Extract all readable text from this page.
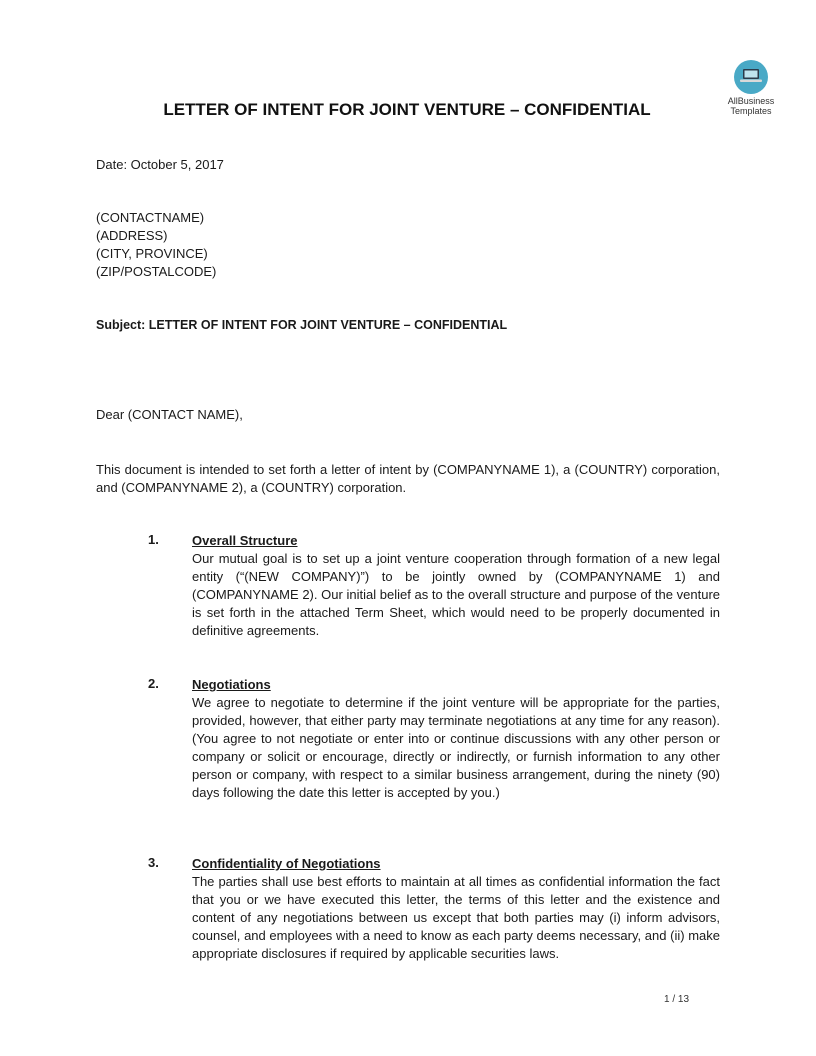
AllBusiness
Templates
LETTER OF INTENT FOR JOINT VENTURE – CONFIDENTIAL
Date: October 5, 2017
(CONTACTNAME)
(ADDRESS)
(CITY, PROVINCE)
(ZIP/POSTALCODE)
Subject: LETTER OF INTENT FOR JOINT VENTURE – CONFIDENTIAL
Dear (CONTACT NAME),

This document is intended to set forth a letter of intent by (COMPANYNAME 1), a (COUNTRY) corporation, and (COMPANYNAME 2), a (COUNTRY) corporation.

1.	Overall Structure

Our mutual goal is to set up a joint venture cooperation through formation of a new legal entity (“(NEW COMPANY)”) to be jointly owned by (COMPANYNAME 1) and (COMPANYNAME 2). Our initial belief as to the overall structure and purpose of the venture is set forth in the attached Term Sheet, which would need to be properly documented in definitive agreements.

2.	Negotiations

We agree to negotiate to determine if the joint venture will be appropriate for the parties, provided, however, that either party may terminate negotiations at any time for any reason). (You agree to not negotiate or enter into or continue discussions with any other person or company or solicit or encourage, directly or indirectly, or furnish information to any other person or company, with respect to a similar business arrangement, during the ninety (90) days following the date this letter is accepted by you.)

3.	Confidentiality of Negotiations

The parties shall use best efforts to maintain at all times as confidential information the fact that you or we have executed this letter, the terms of this letter and the existence and content of any negotiations between us except that both parties may (i) inform advisors, counsel, and employees with a need to know as each party deems necessary, and (ii) make appropriate disclosures if required by applicable securities laws.

1 / 13
